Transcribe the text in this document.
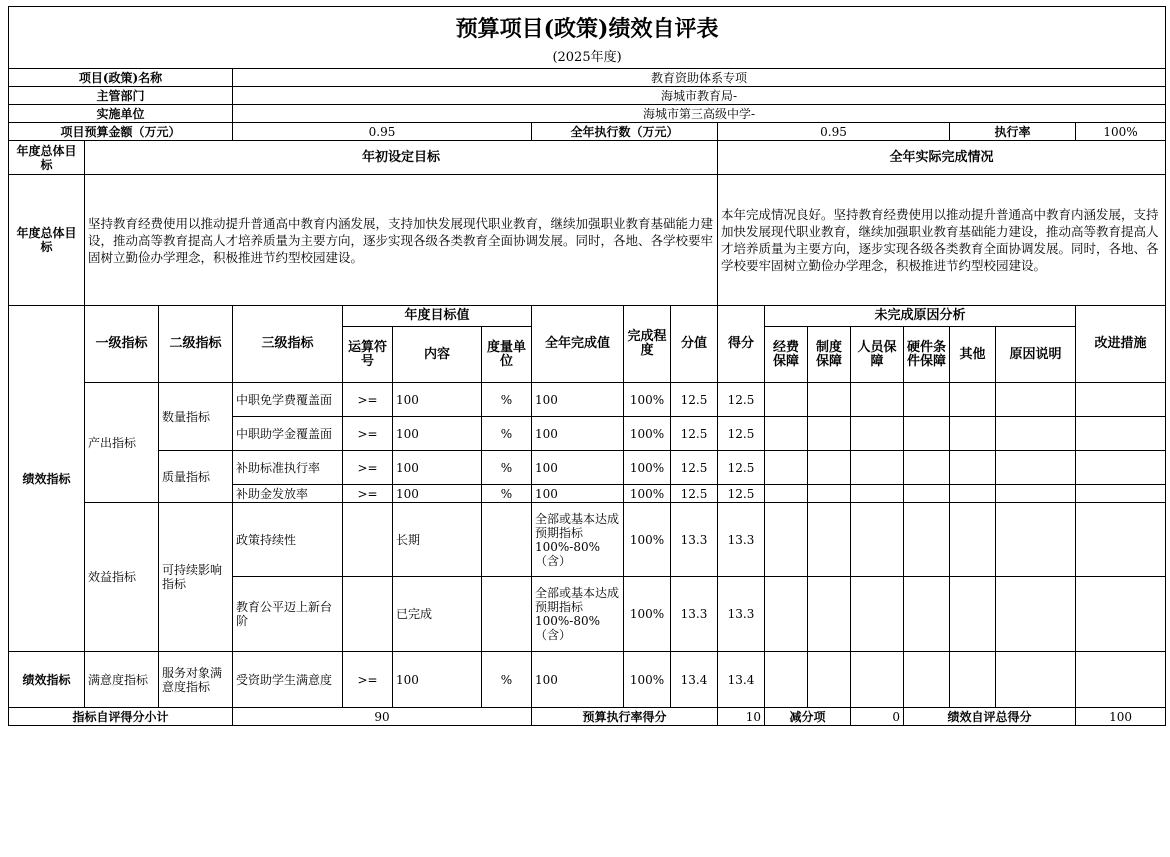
预算项目(政策)绩效自评表																	
(2025年度)																	
项目(政策)名称			教育资助体系专项														
主管部门			海城市教育局-														
实施单位			海城市第三高级中学-														
项目预算金额（万元）			0.95				全年执行数（万元）			0.95					执行率		100%
年度总体目标	年初设定目标									全年实际完成情况							
年度总体目标	坚持教育经费使用以推动提升普通高中教育内涵发展，支持加快发展现代职业教育，继续加强职业教育基础能力建设，推动高等教育提高人才培养质量为主要方向，逐步实现各级各类教育全面协调发展。同时，各地、各学校要牢固树立勤俭办学理念，积极推进节约型校园建设。									本年完成情况良好。坚持教育经费使用以推动提升普通高中教育内涵发展，支持加快发展现代职业教育，继续加强职业教育基础能力建设，推动高等教育提高人才培养质量为主要方向，逐步实现各级各类教育全面协调发展。同时，各地、各学校要牢固树立勤俭办学理念，积极推进节约型校园建设。							
绩效指标	一级指标	二级指标	三级指标	年度目标值			全年完成值	完成程度	分值	得分	未完成原因分析						改进措施
				运算符号	内容	度量单位					经费保障	制度保障	人员保障	硬件条件保障	其他	原因说明	
	产出指标	数量指标	中职免学费覆盖面	>=	100	%	100	100%	12.5	12.5							
			中职助学金覆盖面	>=	100	%	100	100%	12.5	12.5							
		质量指标	补助标准执行率	>=	100	%	100	100%	12.5	12.5							
			补助金发放率	>=	100	%	100	100%	12.5	12.5							
	效益指标	可持续影响指标	政策持续性		长期		全部或基本达成预期指标100%-80%（含）	100%	13.3	13.3							
			教育公平迈上新台阶		已完成		全部或基本达成预期指标100%-80%（含）	100%	13.3	13.3							
绩效指标	满意度指标	服务对象满意度指标	受资助学生满意度	>=	100	%	100	100%	13.4	13.4							
指标自评得分小计			90				预算执行率得分			10	减分项		0	绩效自评总得分			100
